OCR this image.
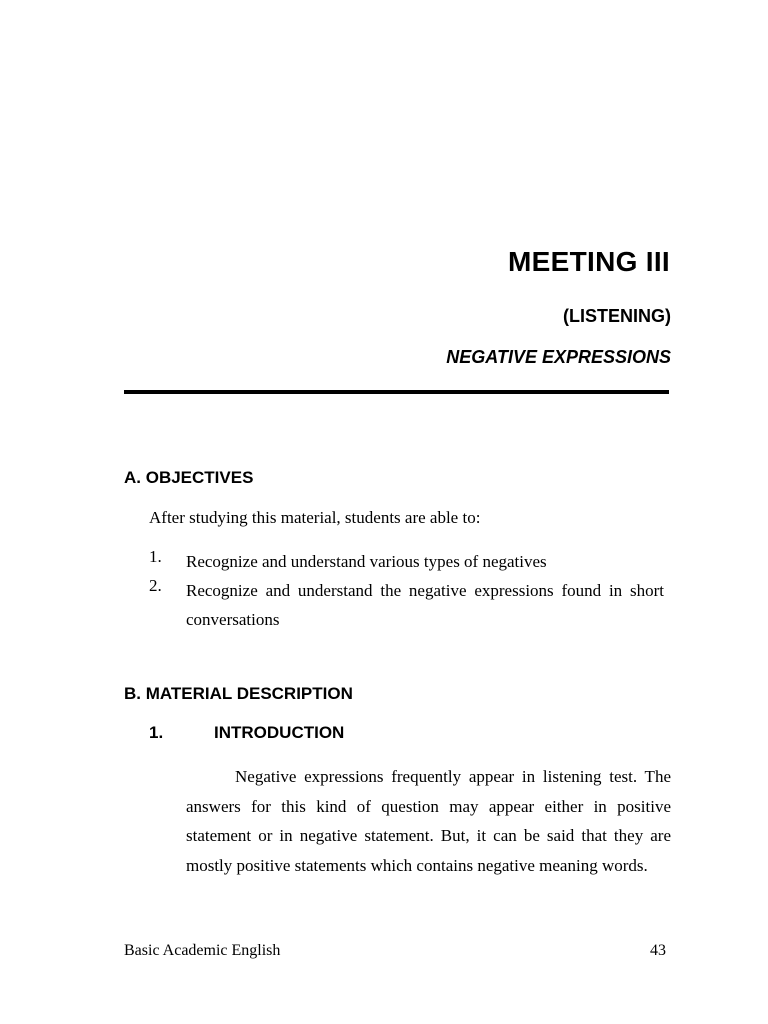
MEETING III
(LISTENING)
NEGATIVE EXPRESSIONS
A. OBJECTIVES
After studying this material, students are able to:
1. Recognize and understand various types of negatives
2. Recognize and understand the negative expressions found in short conversations
B. MATERIAL DESCRIPTION
1.	INTRODUCTION
Negative expressions frequently appear in listening test. The answers for this kind of question may appear either in positive statement or in negative statement. But, it can be said that they are mostly positive statements which contains negative meaning words.
Basic Academic English	43
